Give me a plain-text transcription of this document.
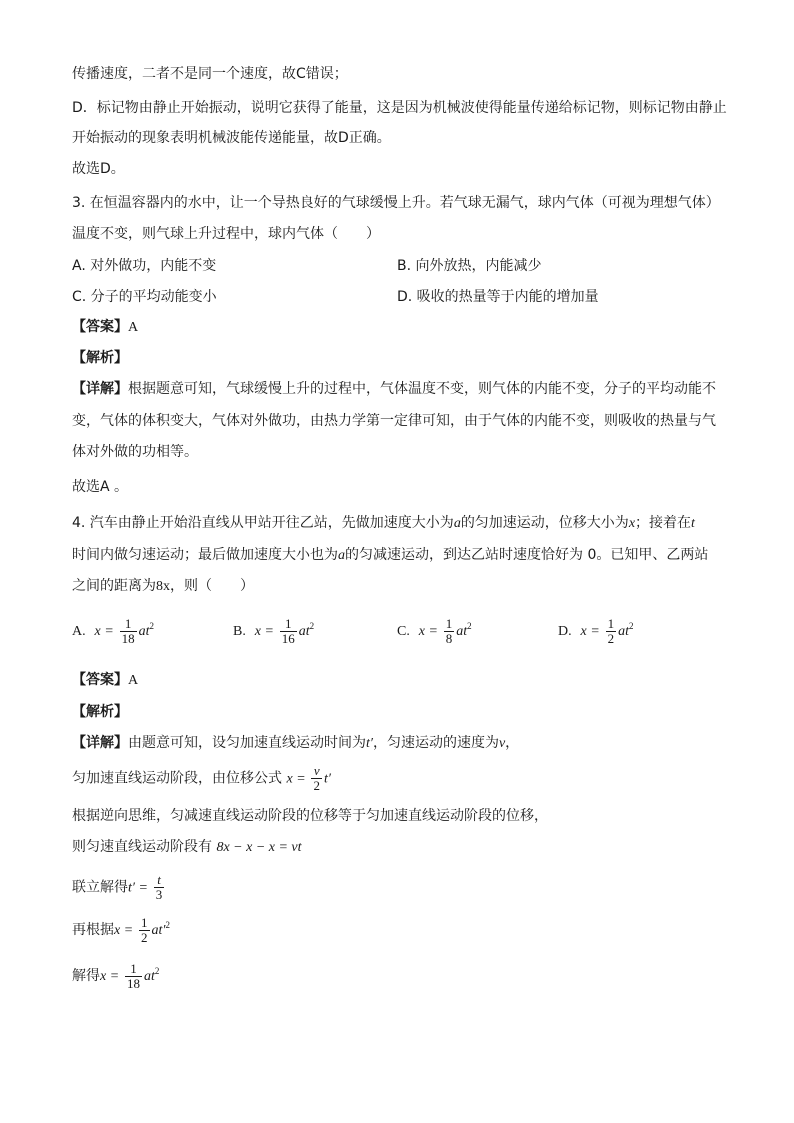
传播速度，二者不是同一个速度，故C错误；
D．标记物由静止开始振动，说明它获得了能量，这是因为机械波使得能量传递给标记物，则标记物由静止
开始振动的现象表明机械波能传递能量，故D正确。
故选D。
3. 在恒温容器内的水中，让一个导热良好的气球缓慢上升。若气球无漏气，球内气体（可视为理想气体）
温度不变，则气球上升过程中，球内气体（　　）
A. 对外做功，内能不变	B. 向外放热，内能减少
C. 分子的平均动能变小	D. 吸收的热量等于内能的增加量
【答案】A
【解析】
【详解】根据题意可知，气球缓慢上升的过程中，气体温度不变，则气体的内能不变，分子的平均动能不
变，气体的体积变大，气体对外做功，由热力学第一定律可知，由于气体的内能不变，则吸收的热量与气
体对外做的功相等。
故选A 。
4. 汽车由静止开始沿直线从甲站开往乙站，先做加速度大小为a的匀加速运动，位移大小为x；接着在t
时间内做匀速运动；最后做加速度大小也为a的匀减速运动，到达乙站时速度恰好为 0。已知甲、乙两站
之间的距离为8x，则（　　）
A. $x = \frac{1}{18} at^2$	B. $x = \frac{1}{16} at^2$	C. $x = \frac{1}{8} at^2$	D. $x = \frac{1}{2} at^2$
【答案】A
【解析】
【详解】由题意可知，设匀加速直线运动时间为t′，匀速运动的速度为v，
匀加速直线运动阶段，由位移公式 $x = \frac{v}{2} t'$
根据逆向思维，匀减速直线运动阶段的位移等于匀加速直线运动阶段的位移，
则匀速直线运动阶段有 8x − x − x = vt
联立解得$t' = \frac{t}{3}$
再根据$x = \frac{1}{2} at'^2$
解得$x = \frac{1}{18} at^2$
